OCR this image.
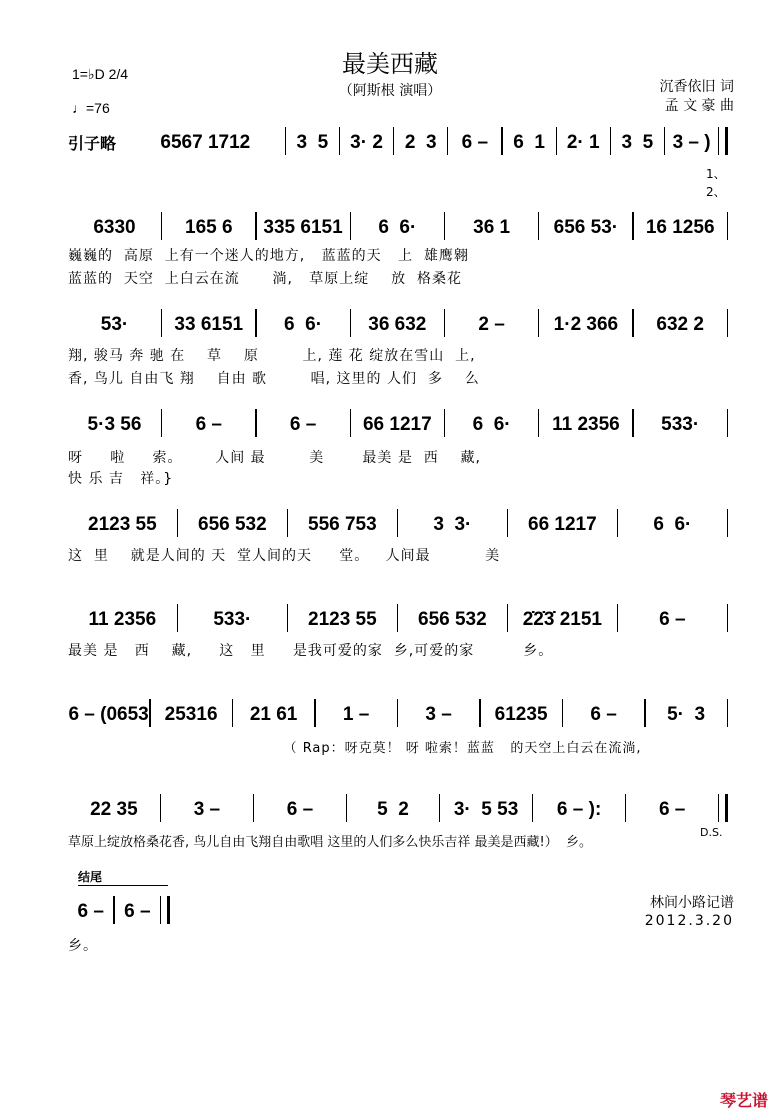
最美西藏
（阿斯根 演唱）	沉香依旧 词
孟 文 豪 曲
1=♭D 2/4
♩=76
1、
2、
引子略	6567 1712	3  5	3· 2	2  3	6 –	6  1	2· 1	3  5	3 – )
6330	165 6	335 6151	6  6·	36 1	656 53·	16 1256
53·	33 6151	6  6·	36 632	2 –	1·2 366	632 2
5·3 56	6 –	6 –	66 1217	6  6·	11 2356	533·
2123 55	656 532	556 753	3  3·	66 1217	6  6·
11 2356	533·	2123 55	656 532	2̇2̇3̇ 2151	6 –
6 – (0653 25316	21 61	1 –	3 –	61235	6 –	5·  3
22 35	3 –	6 –	5  2	3·  5 53	6 – ):	6 –
6 –	6 –
巍巍的  高原  上有一个迷人的地方,   蓝蓝的天   上  雄鹰翱
蓝蓝的  天空  上白云在流      淌,   草原上绽    放  格桑花
翔, 骏马 奔 驰 在    草    原        上, 莲 花 绽放在雪山  上,
香, 鸟儿 自由飞 翔    自由 歌        唱, 这里的 人们  多    么
呀     啦     索。      人间 最        美       最美 是  西    藏,
快 乐 吉   祥。}
这  里    就是人间的 天  堂人间的天     堂。   人间最          美
最美 是   西    藏,     这   里     是我可爱的家  乡,可爱的家         乡。
（ Rap：呀克莫！ 呀 啦索！蓝蓝   的天空上白云在流淌,
草原上绽放格桑花香, 鸟儿自由飞翔自由歌唱 这里的人们多么快乐吉祥 最美是西藏!）  乡。
乡。
D.S.
结尾
林间小路记谱
2012.3.20
琴艺谱
